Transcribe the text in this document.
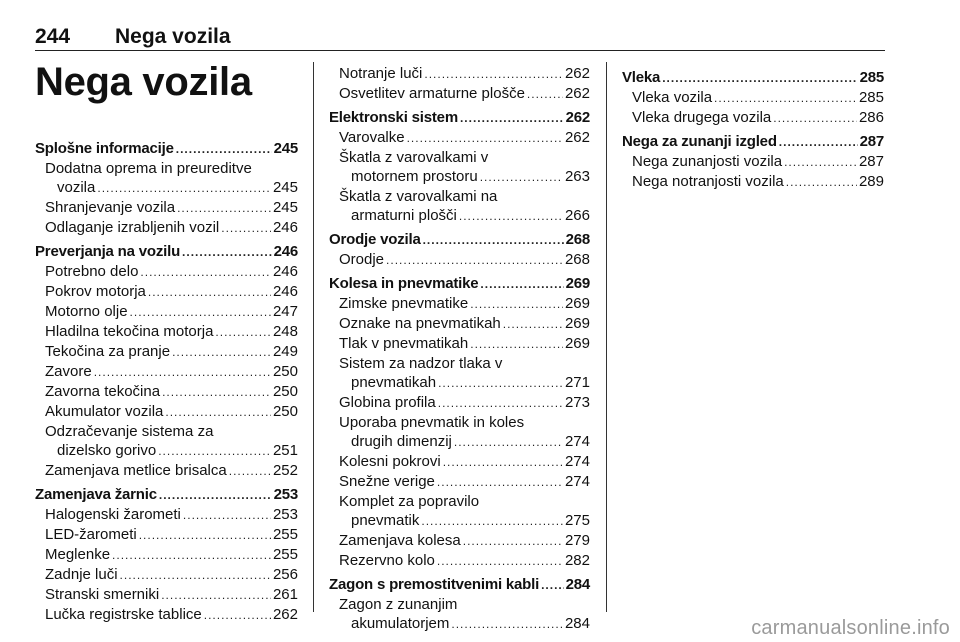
244 Nega vozila
Nega vozila
Splošne informacije .....	245
Dodatna oprema in preureditve
vozila .....	245
Shranjevanje vozila .....	245
Odlaganje izrabljenih vozil .....	246
Preverjanja na vozilu .....	246
Potrebno delo .....	246
Pokrov motorja .....	246
Motorno olje .....	247
Hladilna tekočina motorja .....	248
Tekočina za pranje .....	249
Zavore .....	250
Zavorna tekočina .....	250
Akumulator vozila .....	250
Odzračevanje sistema za
dizelsko gorivo .....	251
Zamenjava metlice brisalca .....	252
Zamenjava žarnic .....	253
Halogenski žarometi .....	253
LED-žarometi .....	255
Meglenke .....	255
Zadnje luči .....	256
Stranski smerniki .....	261
Lučka registrske tablice .....	262
Notranje luči .....	262
Osvetlitev armaturne plošče .....	262
Elektronski sistem .....	262
Varovalke .....	262
Škatla z varovalkami v
motornem prostoru .....	263
Škatla z varovalkami na
armaturni plošči .....	266
Orodje vozila .....	268
Orodje .....	268
Kolesa in pnevmatike .....	269
Zimske pnevmatike .....	269
Oznake na pnevmatikah .....	269
Tlak v pnevmatikah .....	269
Sistem za nadzor tlaka v
pnevmatikah .....	271
Globina profila .....	273
Uporaba pnevmatik in koles
drugih dimenzij .....	274
Kolesni pokrovi .....	274
Snežne verige .....	274
Komplet za popravilo
pnevmatik .....	275
Zamenjava kolesa .....	279
Rezervno kolo .....	282
Zagon s premostitvenimi kabli ..... 284
Zagon z zunanjim
akumulatorjem .....	284
Vleka .....	285
Vleka vozila .....	285
Vleka drugega vozila .....	286
Nega za zunanji izgled .....	287
Nega zunanjosti vozila .....	287
Nega notranjosti vozila .....	289
carmanualsonline.info
